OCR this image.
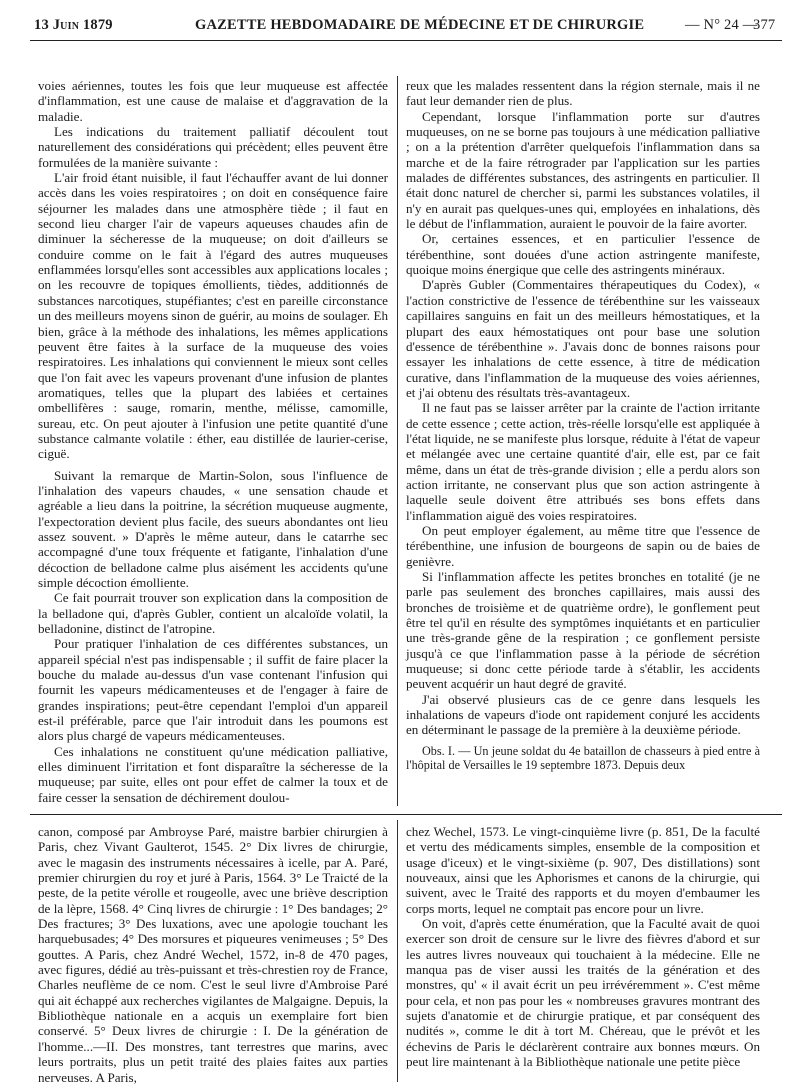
13 Juin 1879	GAZETTE HEBDOMADAIRE DE MÉDECINE ET DE CHIRURGIE	— N° 24 —
377

voies aériennes, toutes les fois que leur muqueuse est affectée d'inflammation, est une cause de malaise et d'aggravation de la maladie.

Les indications du traitement palliatif découlent tout naturellement des considérations qui précèdent; elles peuvent être formulées de la manière suivante :

L'air froid étant nuisible, il faut l'échauffer avant de lui donner accès dans les voies respiratoires ; on doit en conséquence faire séjourner les malades dans une atmosphère tiède ; il faut en second lieu charger l'air de vapeurs aqueuses chaudes afin de diminuer la sécheresse de la muqueuse; on doit d'ailleurs se conduire comme on le fait à l'égard des autres muqueuses enflammées lorsqu'elles sont accessibles aux applications locales ; on les recouvre de topiques émollients, tièdes, additionnés de substances narcotiques, stupéfiantes; c'est en pareille circonstance un des meilleurs moyens sinon de guérir, au moins de soulager. Eh bien, grâce à la méthode des inhalations, les mêmes applications peuvent être faites à la surface de la muqueuse des voies respiratoires. Les inhalations qui conviennent le mieux sont celles que l'on fait avec les vapeurs provenant d'une infusion de plantes aromatiques, telles que la plupart des labiées et certaines ombellifères : sauge, romarin, menthe, mélisse, camomille, sureau, etc. On peut ajouter à l'infusion une petite quantité d'une substance calmante volatile : éther, eau distillée de laurier-cerise, ciguë.

Suivant la remarque de Martin-Solon, sous l'influence de l'inhalation des vapeurs chaudes, « une sensation chaude et agréable a lieu dans la poitrine, la sécrétion muqueuse augmente, l'expectoration devient plus facile, des sueurs abondantes ont lieu assez souvent. » D'après le même auteur, dans le catarrhe sec accompagné d'une toux fréquente et fatigante, l'inhalation d'une décoction de belladone calme plus aisément les accidents qu'une simple décoction émolliente.

Ce fait pourrait trouver son explication dans la composition de la belladone qui, d'après Gubler, contient un alcaloïde volatil, la belladonine, distinct de l'atropine.

Pour pratiquer l'inhalation de ces différentes substances, un appareil spécial n'est pas indispensable ; il suffit de faire placer la bouche du malade au-dessus d'un vase contenant l'infusion qui fournit les vapeurs médicamenteuses et de l'engager à faire de grandes inspirations; peut-être cependant l'emploi d'un appareil est-il préférable, parce que l'air introduit dans les poumons est alors plus chargé de vapeurs médicamenteuses.

Ces inhalations ne constituent qu'une médication palliative, elles diminuent l'irritation et font disparaître la sécheresse de la muqueuse; par suite, elles ont pour effet de calmer la toux et de faire cesser la sensation de déchirement doulou-

reux que les malades ressentent dans la région sternale, mais il ne faut leur demander rien de plus.

Cependant, lorsque l'inflammation porte sur d'autres muqueuses, on ne se borne pas toujours à une médication palliative ; on a la prétention d'arrêter quelquefois l'inflammation dans sa marche et de la faire rétrograder par l'application sur les parties malades de différentes substances, des astringents en particulier. Il était donc naturel de chercher si, parmi les substances volatiles, il n'y en aurait pas quelques-unes qui, employées en inhalations, dès le début de l'inflammation, auraient le pouvoir de la faire avorter.

Or, certaines essences, et en particulier l'essence de térébenthine, sont douées d'une action astringente manifeste, quoique moins énergique que celle des astringents minéraux.

D'après Gubler (Commentaires thérapeutiques du Codex), « l'action constrictive de l'essence de térébenthine sur les vaisseaux capillaires sanguins en fait un des meilleurs hémostatiques, et la plupart des eaux hémostatiques ont pour base une solution d'essence de térébenthine ». J'avais donc de bonnes raisons pour essayer les inhalations de cette essence, à titre de médication curative, dans l'inflammation de la muqueuse des voies aériennes, et j'ai obtenu des résultats très-avantageux.

Il ne faut pas se laisser arrêter par la crainte de l'action irritante de cette essence ; cette action, très-réelle lorsqu'elle est appliquée à l'état liquide, ne se manifeste plus lorsque, réduite à l'état de vapeur et mélangée avec une certaine quantité d'air, elle est, par ce fait même, dans un état de très-grande division ; elle a perdu alors son action irritante, ne conservant plus que son action astringente à laquelle seule doivent être attribués ses bons effets dans l'inflammation aiguë des voies respiratoires.

On peut employer également, au même titre que l'essence de térébenthine, une infusion de bourgeons de sapin ou de baies de genièvre.

Si l'inflammation affecte les petites bronches en totalité (je ne parle pas seulement des bronches capillaires, mais aussi des bronches de troisième et de quatrième ordre), le gonflement peut être tel qu'il en résulte des symptômes inquiétants et en particulier une très-grande gêne de la respiration ; ce gonflement persiste jusqu'à ce que l'inflammation passe à la période de sécrétion muqueuse; si donc cette période tarde à s'établir, les accidents peuvent acquérir un haut degré de gravité.

J'ai observé plusieurs cas de ce genre dans lesquels les inhalations de vapeurs d'iode ont rapidement conjuré les accidents en déterminant le passage de la première à la deuxième période.

Obs. I. — Un jeune soldat du 4e bataillon de chasseurs à pied entre à l'hôpital de Versailles le 19 septembre 1873. Depuis deux

canon, composé par Ambroyse Paré, maistre barbier chirurgien à Paris, chez Vivant Gaulterot, 1545. 2° Dix livres de chirurgie, avec le magasin des instruments nécessaires à icelle, par A. Paré, premier chirurgien du roy et juré à Paris, 1564. 3° Le Traicté de la peste, de la petite vérolle et rougeolle, avec une briève description de la lèpre, 1568. 4° Cinq livres de chirurgie : 1° Des bandages; 2° Des fractures; 3° Des luxations, avec une apologie touchant les harquebusades; 4° Des morsures et piqueures venimeuses ; 5° Des gouttes. A Paris, chez André Wechel, 1572, in-8 de 470 pages, avec figures, dédié au très-puissant et très-chrestien roy de France, Charles neuflème de ce nom. C'est le seul livre d'Ambroise Paré qui ait échappé aux recherches vigilantes de Malgaigne. Depuis, la Bibliothèque nationale en a acquis un exemplaire fort bien conservé. 5° Deux livres de chirurgie : I. De la génération de l'homme...—II. Des monstres, tant terrestres que marins, avec leurs portraits, plus un petit traité des plaies faites aux parties nerveuses. A Paris,

chez Wechel, 1573. Le vingt-cinquième livre (p. 851, De la faculté et vertu des médicaments simples, ensemble de la composition et usage d'iceux) et le vingt-sixième (p. 907, Des distillations) sont nouveaux, ainsi que les Aphorismes et canons de la chirurgie, qui suivent, avec le Traité des rapports et du moyen d'embaumer les corps morts, lequel ne comptait pas encore pour un livre.

On voit, d'après cette énumération, que la Faculté avait de quoi exercer son droit de censure sur le livre des fièvres d'abord et sur les autres livres nouveaux qui touchaient à la médecine. Elle ne manqua pas de viser aussi les traités de la génération et des monstres, qu' « il avait écrit un peu irrévéremment ». C'est même pour cela, et non pas pour les « nombreuses gravures montrant des sujets d'anatomie et de chirurgie pratique, et par conséquent des nudités », comme le dit à tort M. Chéreau, que le prévôt et les échevins de Paris le déclarèrent contraire aux bonnes mœurs. On peut lire maintenant à la Bibliothèque nationale une petite pièce
